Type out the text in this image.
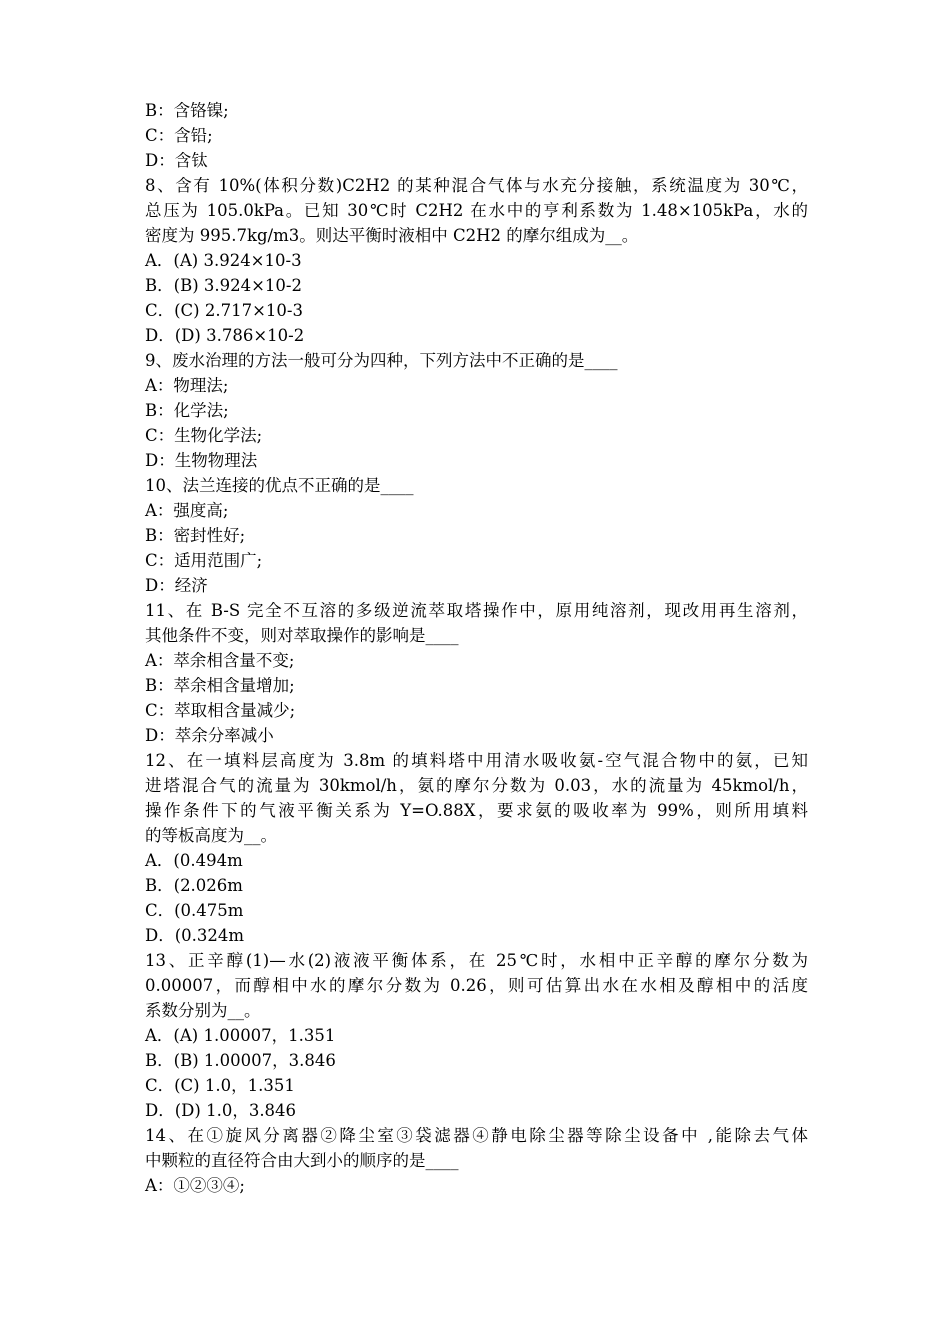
B：含铬镍;
C：含铅;
D：含钛
8、含有 10%(体积分数)C2H2 的某种混合气体与水充分接触，系统温度为 30℃，
总压为 105.0kPa。已知 30℃时 C2H2 在水中的亨利系数为 1.48×105kPa，水的
密度为 995.7kg/m3。则达平衡时液相中 C2H2 的摩尔组成为__。
A．(A) 3.924×10-3
B．(B) 3.924×10-2
C．(C) 2.717×10-3
D．(D) 3.786×10-2
9、废水治理的方法一般可分为四种，下列方法中不正确的是____
A：物理法;
B：化学法;
C：生物化学法;
D：生物物理法
10、法兰连接的优点不正确的是____
A：强度高;
B：密封性好;
C：适用范围广;
D：经济
11、在 B-S 完全不互溶的多级逆流萃取塔操作中，原用纯溶剂，现改用再生溶剂，
其他条件不变，则对萃取操作的影响是____
A：萃余相含量不变;
B：萃余相含量增加;
C：萃取相含量减少;
D：萃余分率减小
12、在一填料层高度为 3.8m 的填料塔中用清水吸收氨-空气混合物中的氨，已知
进塔混合气的流量为 30kmol/h，氨的摩尔分数为 0.03，水的流量为 45kmol/h，
操作条件下的气液平衡关系为 Y=O.88X，要求氨的吸收率为 99%，则所用填料
的等板高度为__。
A．(0.494m
B．(2.026m
C．(0.475m
D．(0.324m
13、正辛醇(1)—水(2)液液平衡体系，在 25℃时，水相中正辛醇的摩尔分数为
0.00007，而醇相中水的摩尔分数为 0.26，则可估算出水在水相及醇相中的活度
系数分别为__。
A．(A) 1.00007，1.351
B．(B) 1.00007，3.846
C．(C) 1.0，1.351
D．(D) 1.0，3.846
14、在①旋风分离器②降尘室③袋滤器④静电除尘器等除尘设备中 ,能除去气体
中颗粒的直径符合由大到小的顺序的是____
A：①②③④;
